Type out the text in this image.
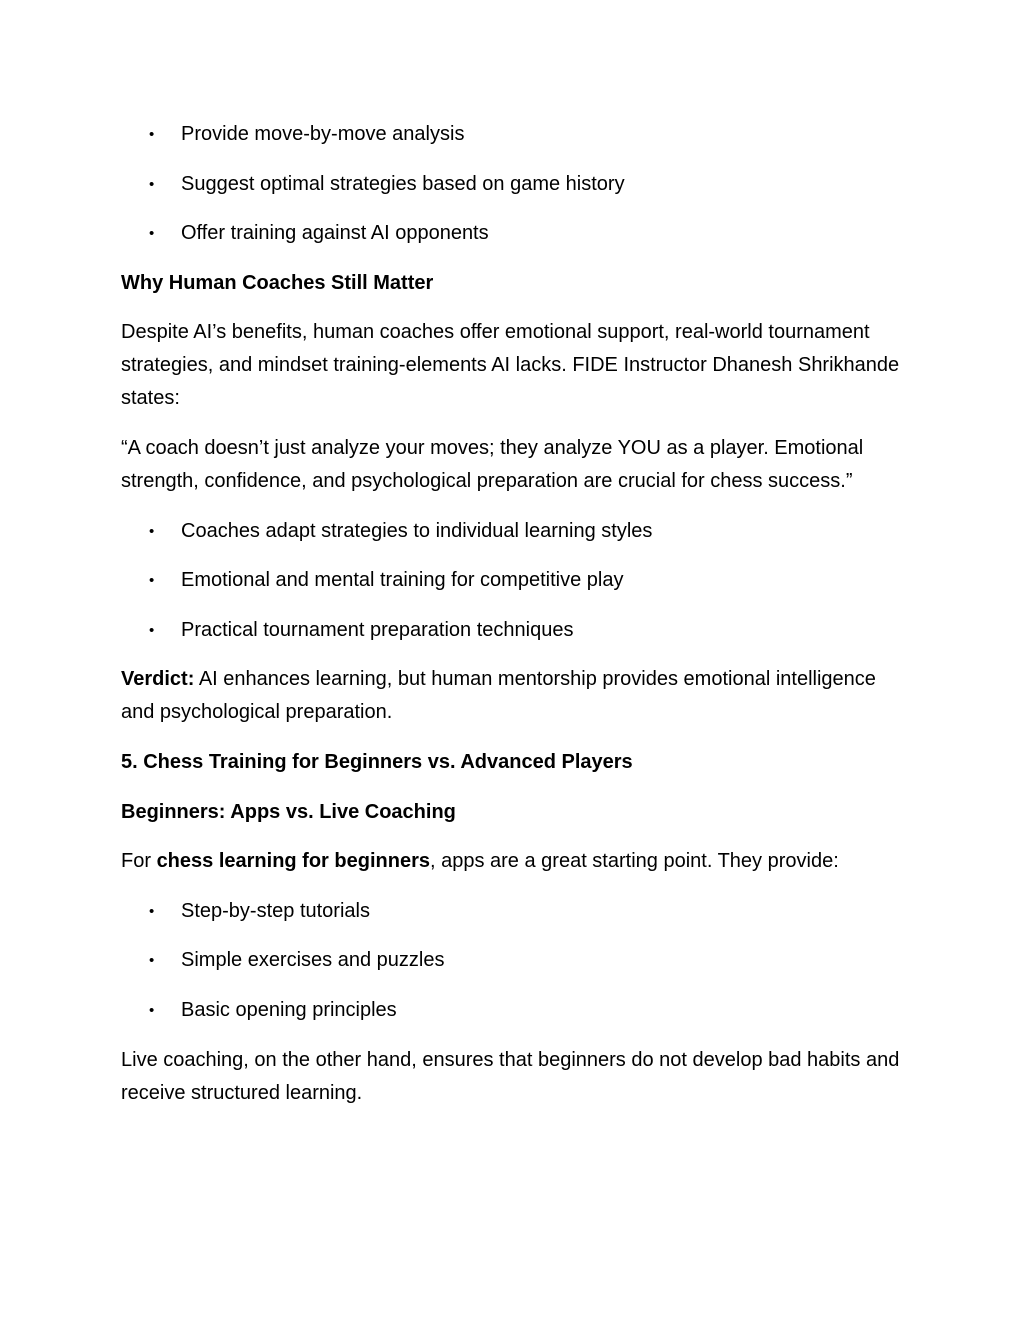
• Provide move-by-move analysis
• Suggest optimal strategies based on game history
• Offer training against AI opponents

Why Human Coaches Still Matter

Despite AI’s benefits, human coaches offer emotional support, real-world tournament strategies, and mindset training-elements AI lacks. FIDE Instructor Dhanesh Shrikhande states:

“A coach doesn’t just analyze your moves; they analyze YOU as a player. Emotional strength, confidence, and psychological preparation are crucial for chess success.”

• Coaches adapt strategies to individual learning styles
• Emotional and mental training for competitive play
• Practical tournament preparation techniques

Verdict: AI enhances learning, but human mentorship provides emotional intelligence and psychological preparation.

5. Chess Training for Beginners vs. Advanced Players

Beginners: Apps vs. Live Coaching

For chess learning for beginners, apps are a great starting point. They provide:

• Step-by-step tutorials
• Simple exercises and puzzles
• Basic opening principles

Live coaching, on the other hand, ensures that beginners do not develop bad habits and receive structured learning.
